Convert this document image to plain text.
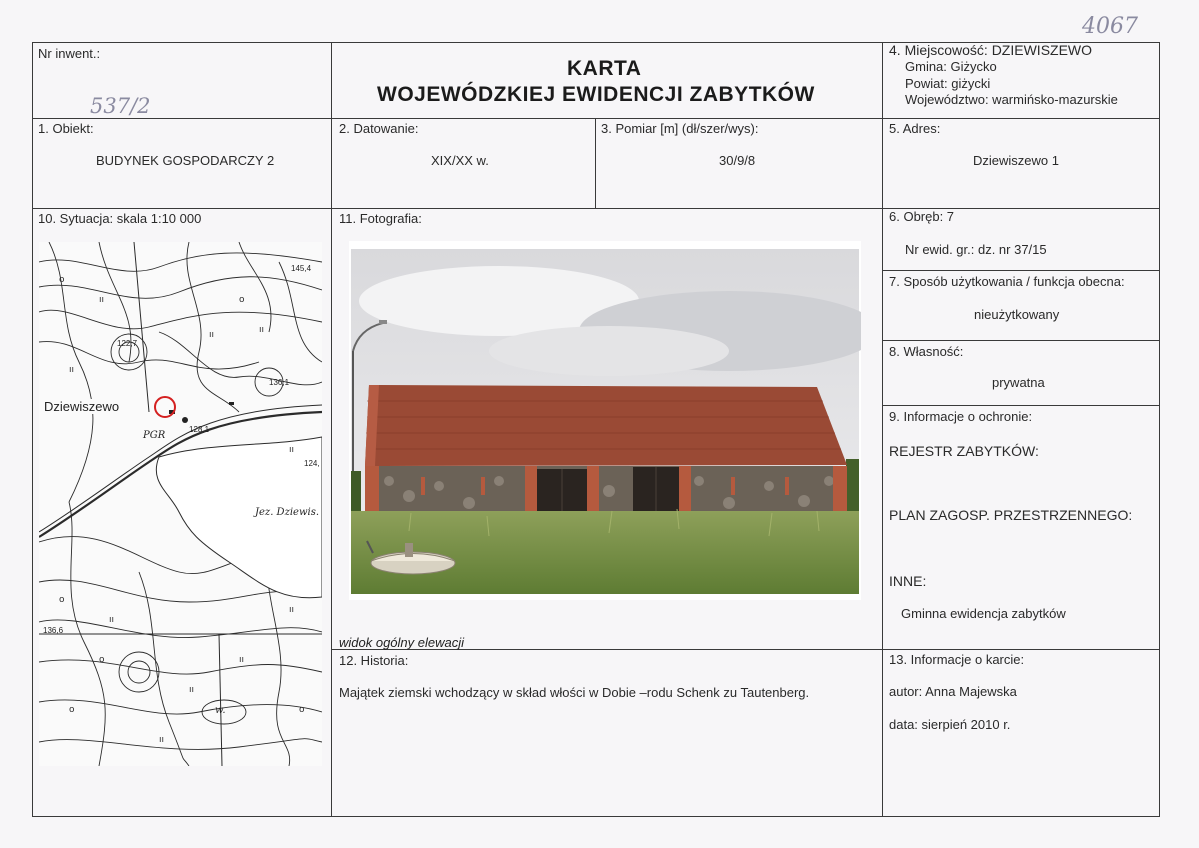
4067
537/2
Nr inwent.:
KARTA
WOJEWÓDZKIEJ EWIDENCJI ZABYTKÓW
4. Miejscowość: DZIEWISZEWO
Gmina: Giżycko
Powiat: giżycki
Województwo: warmińsko-mazurskie
1. Obiekt:
BUDYNEK GOSPODARCZY 2
2. Datowanie:
XIX/XX w.
3. Pomiar [m] (dł/szer/wys):
30/9/8
5. Adres:
Dziewiszewo 1
10. Sytuacja: skala 1:10 000
o
ıı
ıı
o
ıı
ıı
o
ıı
ıı
o
ıı
o
ıı
o
ıı
ıı
Dziewiszewo
Jez. Dziewis.
PGR
w.
145,4
122,7
136,1
128,1
124,
136,6
11. Fotografia:
widok ogólny elewacji
6. Obręb: 7
Nr ewid. gr.: dz. nr 37/15
7. Sposób użytkowania / funkcja obecna:
nieużytkowany
8. Własność:
prywatna
9. Informacje o ochronie:
REJESTR ZABYTKÓW:
PLAN ZAGOSP. PRZESTRZENNEGO:
INNE:
Gminna ewidencja zabytków
12. Historia:
Majątek ziemski wchodzący w skład włości w Dobie –rodu Schenk zu Tautenberg.
13. Informacje o karcie:
autor: Anna Majewska
data: sierpień 2010 r.
